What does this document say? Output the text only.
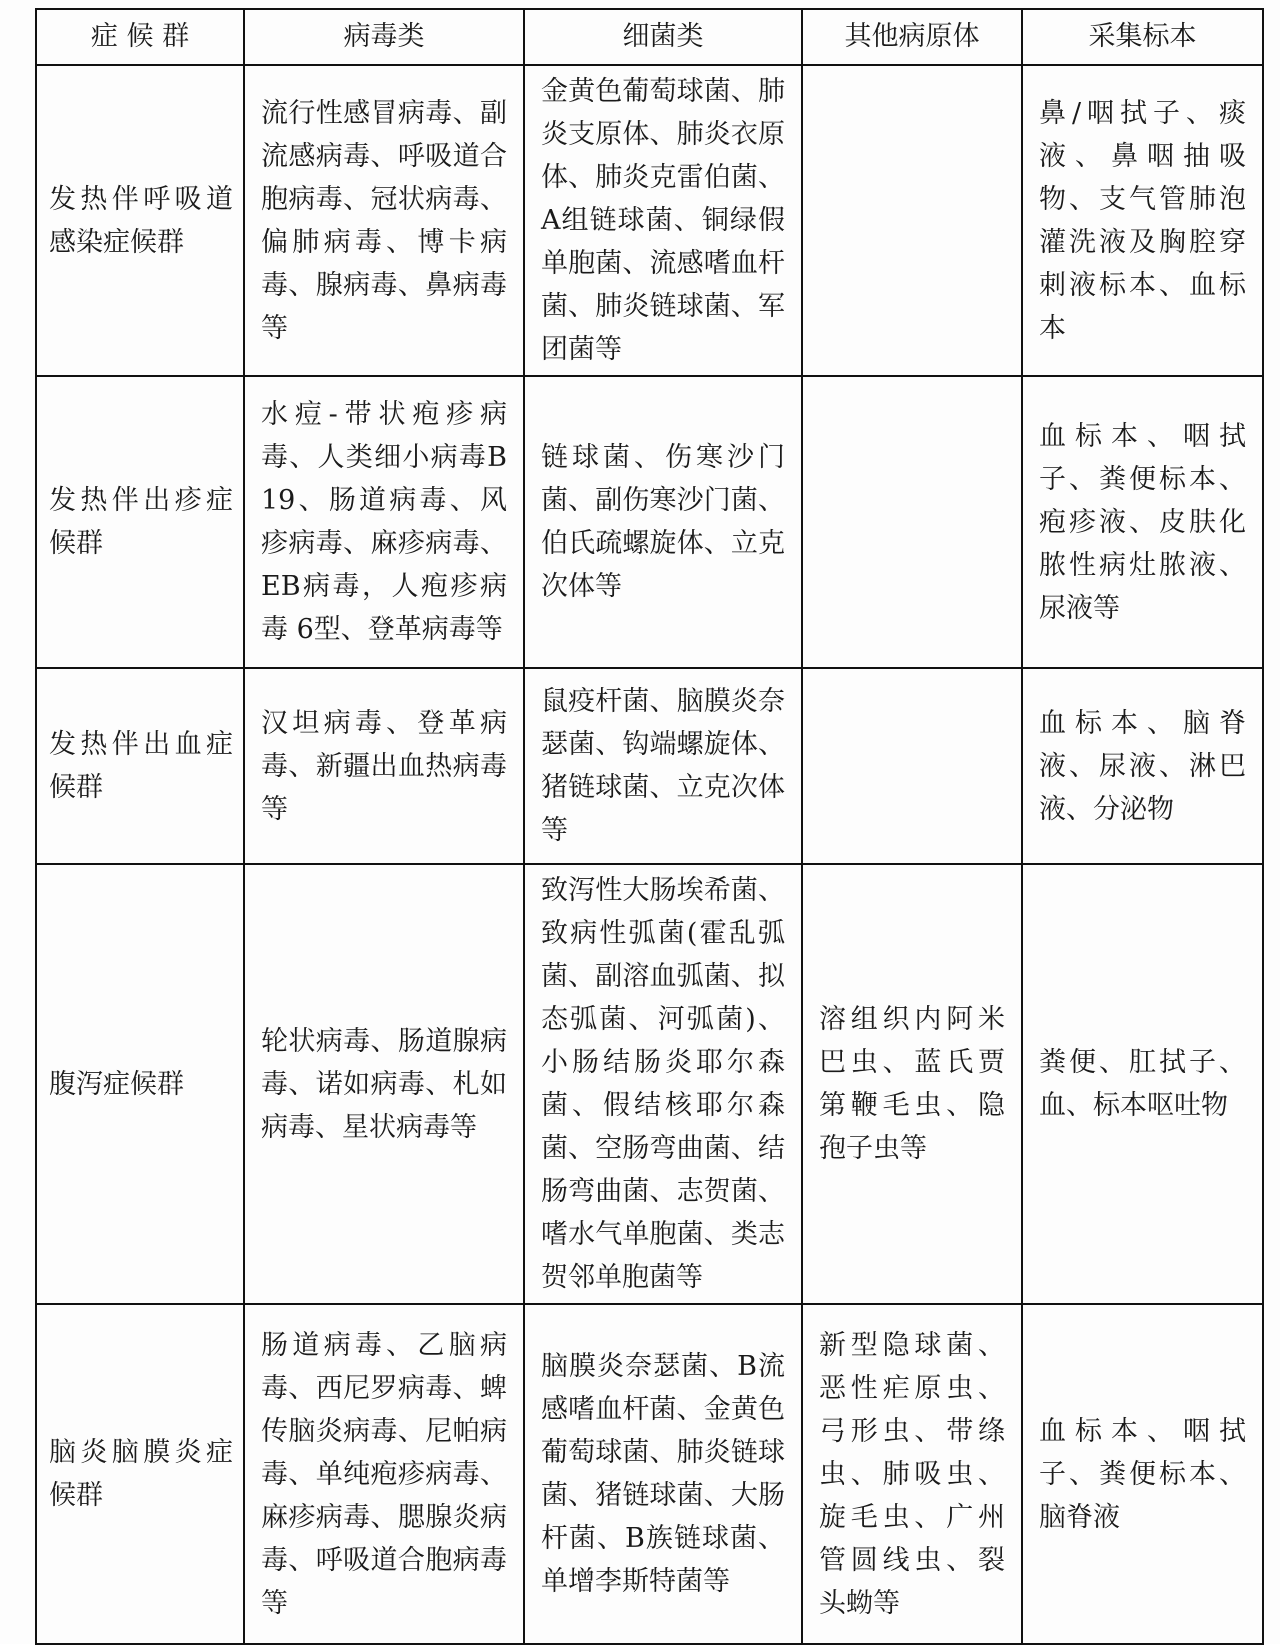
症 候 群	病毒类	细菌类	其他病原体	采集标本
发热伴呼吸道感染症候群	流行性感冒病毒、副流感病毒、呼吸道合胞病毒、冠状病毒、偏肺病毒、博卡病毒、腺病毒、鼻病毒等	金黄色葡萄球菌、肺炎支原体、肺炎衣原体、肺炎克雷伯菌、A组链球菌、铜绿假单胞菌、流感嗜血杆菌、肺炎链球菌、军团菌等		鼻/咽拭子、痰液、鼻咽抽吸物、支气管肺泡灌洗液及胸腔穿刺液标本、血标本
发热伴出疹症候群	水痘-带状疱疹病毒、人类细小病毒B19、肠道病毒、风疹病毒、麻疹病毒、EB病毒，人疱疹病毒 6型、登革病毒等	链球菌、伤寒沙门菌、副伤寒沙门菌、伯氏疏螺旋体、立克次体等		血标本、咽拭子、粪便标本、疱疹液、皮肤化脓性病灶脓液、尿液等
发热伴出血症候群	汉坦病毒、登革病毒、新疆出血热病毒等	鼠疫杆菌、脑膜炎奈瑟菌、钩端螺旋体、猪链球菌、立克次体等		血标本、脑脊液、尿液、淋巴液、分泌物
腹泻症候群	轮状病毒、肠道腺病毒、诺如病毒、札如病毒、星状病毒等	致泻性大肠埃希菌、致病性弧菌(霍乱弧菌、副溶血弧菌、拟态弧菌、河弧菌)、小肠结肠炎耶尔森菌、假结核耶尔森菌、空肠弯曲菌、结肠弯曲菌、志贺菌、嗜水气单胞菌、类志贺邻单胞菌等	溶组织内阿米巴虫、蓝氏贾第鞭毛虫、隐孢子虫等	粪便、肛拭子、血、标本呕吐物
脑炎脑膜炎症候群	肠道病毒、乙脑病毒、西尼罗病毒、蜱传脑炎病毒、尼帕病毒、单纯疱疹病毒、麻疹病毒、腮腺炎病毒、呼吸道合胞病毒等	脑膜炎奈瑟菌、B流感嗜血杆菌、金黄色葡萄球菌、肺炎链球菌、猪链球菌、大肠杆菌、B族链球菌、单增李斯特菌等	新型隐球菌、恶性疟原虫、弓形虫、带绦虫、肺吸虫、旋毛虫、广州管圆线虫、裂头蚴等	血标本、咽拭子、粪便标本、脑脊液
